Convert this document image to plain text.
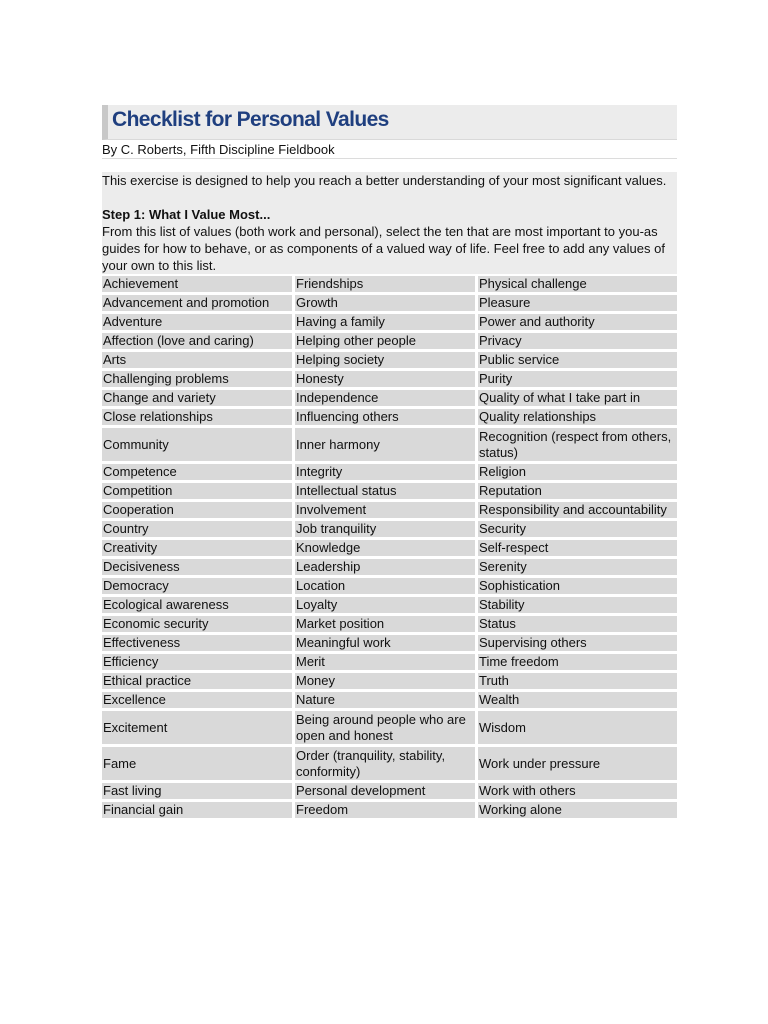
Checklist for Personal Values
By C. Roberts, Fifth Discipline Fieldbook

This exercise is designed to help you reach a better understanding of your most significant values.

Step 1: What I Value Most...

From this list of values (both work and personal), select the ten that are most important to you-as guides for how to behave, or as components of a valued way of life. Feel free to add any values of your own to this list.

Achievement		Friendships		Physical challenge
Advancement and promotion		Growth		Pleasure
Adventure		Having a family		Power and authority
Affection (love and caring)		Helping other people		Privacy
Arts		Helping society		Public service
Challenging problems		Honesty		Purity
Change and variety		Independence		Quality of what I take part in
Close relationships		Influencing others		Quality relationships
Community		Inner harmony		Recognition (respect from others, status)
Competence		Integrity		Religion
Competition		Intellectual status		Reputation
Cooperation		Involvement		Responsibility and accountability
Country		Job tranquility		Security
Creativity		Knowledge		Self-respect
Decisiveness		Leadership		Serenity
Democracy		Location		Sophistication
Ecological awareness		Loyalty		Stability
Economic security		Market position		Status
Effectiveness		Meaningful work		Supervising others
Efficiency		Merit		Time freedom
Ethical practice		Money		Truth
Excellence		Nature		Wealth
Excitement		Being around people who are open and honest		Wisdom
Fame		Order (tranquility, stability, conformity)		Work under pressure
Fast living		Personal development		Work with others
Financial gain		Freedom		Working alone
